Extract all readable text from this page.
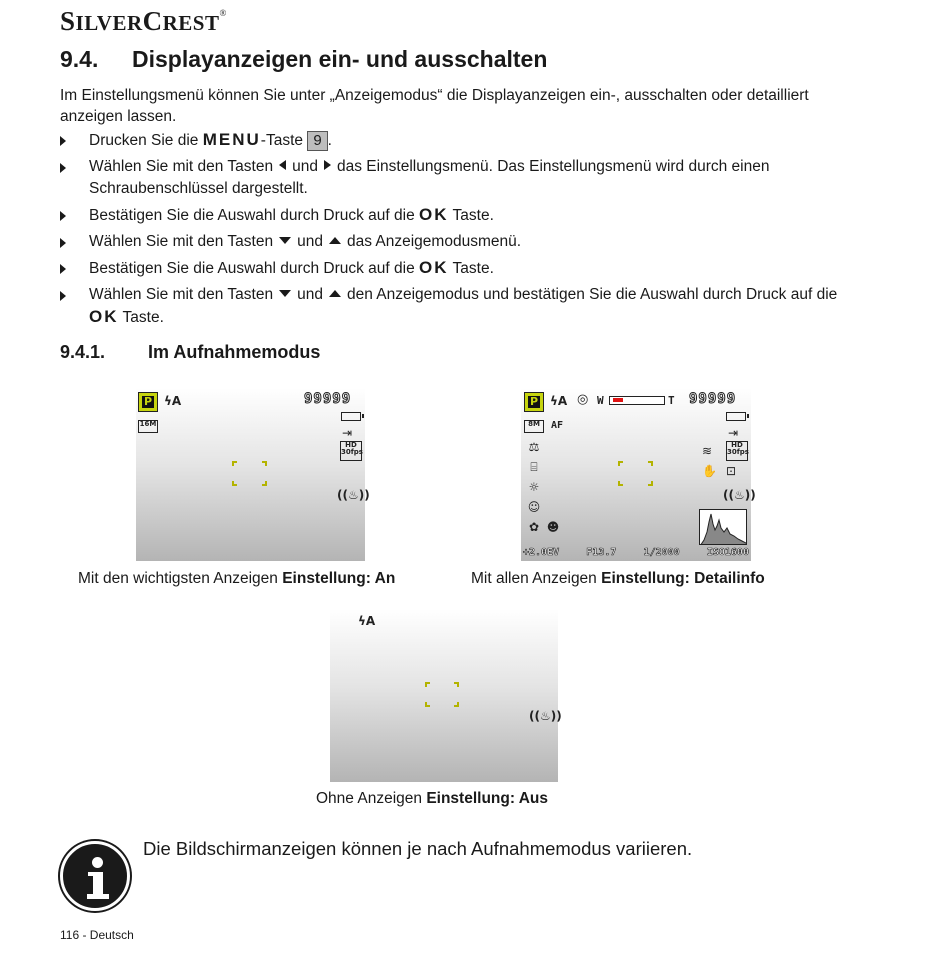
SILVERCREST®
9.4. Displayanzeigen ein- und ausschalten
Im Einstellungsmenü können Sie unter „Anzeigemodus“ die Displayanzeigen ein-, ausschalten oder detailliert anzeigen lassen.
Drucken Sie die MENU-Taste 9 .
Wählen Sie mit den Tasten und das Einstellungsmenü. Das Einstellungsmenü wird durch einen Schraubenschlüssel dargestellt.
Bestätigen Sie die Auswahl durch Druck auf die OK Taste.
Wählen Sie mit den Tasten und das Anzeigemodusmenü.
Bestätigen Sie die Auswahl durch Druck auf die OK Taste.
Wählen Sie mit den Tasten und den Anzeigemodus und bestätigen Sie die Auswahl durch Druck auf die OK Taste.
9.4.1. Im Aufnahmemodus
P ϟA	99999
16M
⇥
HD
30fps
((♨))
P ϟA ◎ W	T 99999
8M	AF
⇥
⚖	HD
30fps
≋
⌸	✋ ⊡
☼
((♨))
☺
✿ ☻
+2.0EV	F13.7	1/2000	ISO1600
ϟA
((♨))
Mit den wichtigsten Anzeigen Einstellung: An	Mit allen Anzeigen Einstellung: Detailinfo
Ohne Anzeigen Einstellung: Aus
Die Bildschirmanzeigen können je nach Aufnahmemodus variieren.
116 - Deutsch
